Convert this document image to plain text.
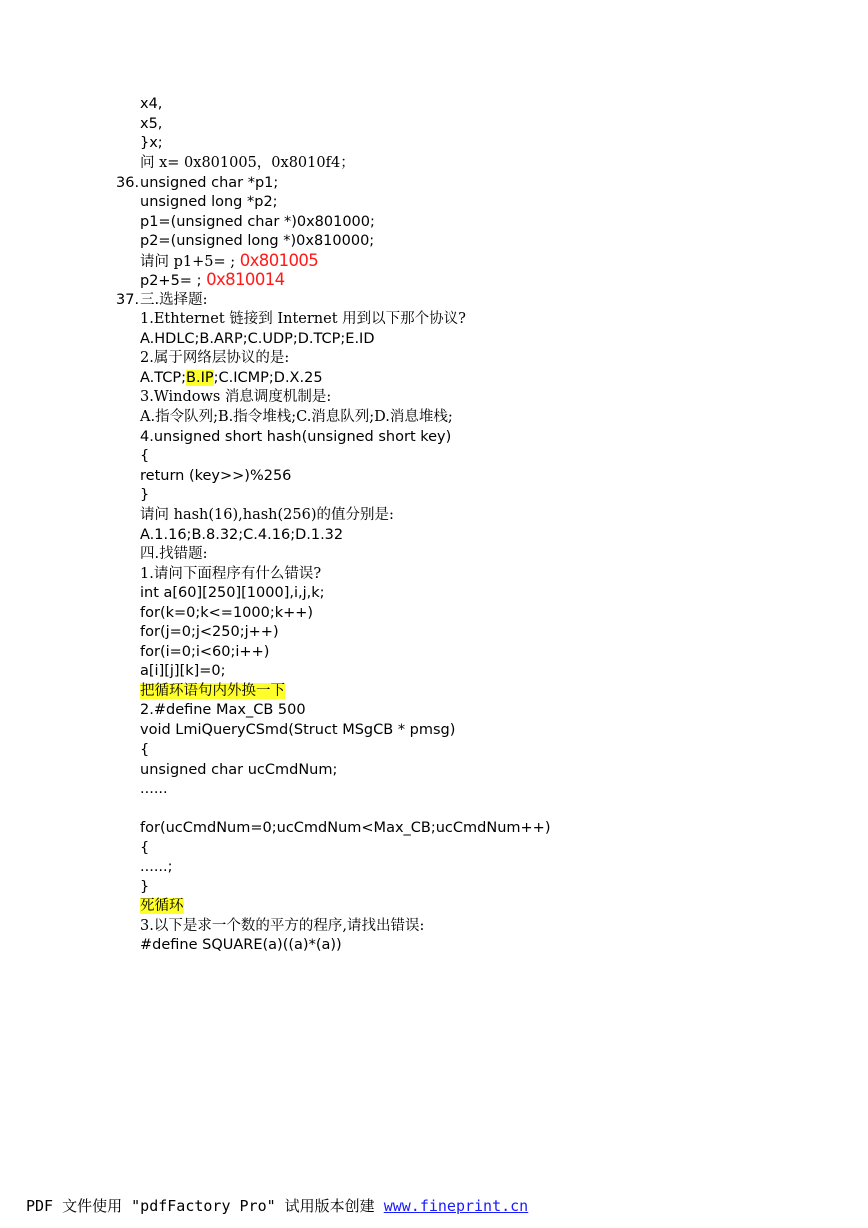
x4,
x5,
}x;
问 x= 0x801005，0x8010f4；
36. unsigned char *p1;
unsigned long *p2;
p1=(unsigned char *)0x801000;
p2=(unsigned long *)0x810000;
请问 p1+5= ; 0x801005
p2+5= ; 0x810014
37. 三.选择题:
1.Ethternet 链接到 Internet 用到以下那个协议?
A.HDLC;B.ARP;C.UDP;D.TCP;E.ID
2.属于网络层协议的是:
A.TCP;B.IP;C.ICMP;D.X.25
3.Windows 消息调度机制是:
A.指令队列;B.指令堆栈;C.消息队列;D.消息堆栈;
4.unsigned short hash(unsigned short key)
{
return (key>>)%256
}
请问 hash(16),hash(256)的值分别是:
A.1.16;B.8.32;C.4.16;D.1.32
四.找错题:
1.请问下面程序有什么错误?
int a[60][250][1000],i,j,k;
for(k=0;k<=1000;k++)
for(j=0;j<250;j++)
for(i=0;i<60;i++)
a[i][j][k]=0;
把循环语句内外换一下
2.#define Max_CB 500
void LmiQueryCSmd(Struct MSgCB * pmsg)
{
unsigned char ucCmdNum;
......
for(ucCmdNum=0;ucCmdNum<Max_CB;ucCmdNum++)
{
......;
}
死循环
3.以下是求一个数的平方的程序,请找出错误:
#define SQUARE(a)((a)*(a))
PDF 文件使用 "pdfFactory Pro" 试用版本创建 www.fineprint.cn
